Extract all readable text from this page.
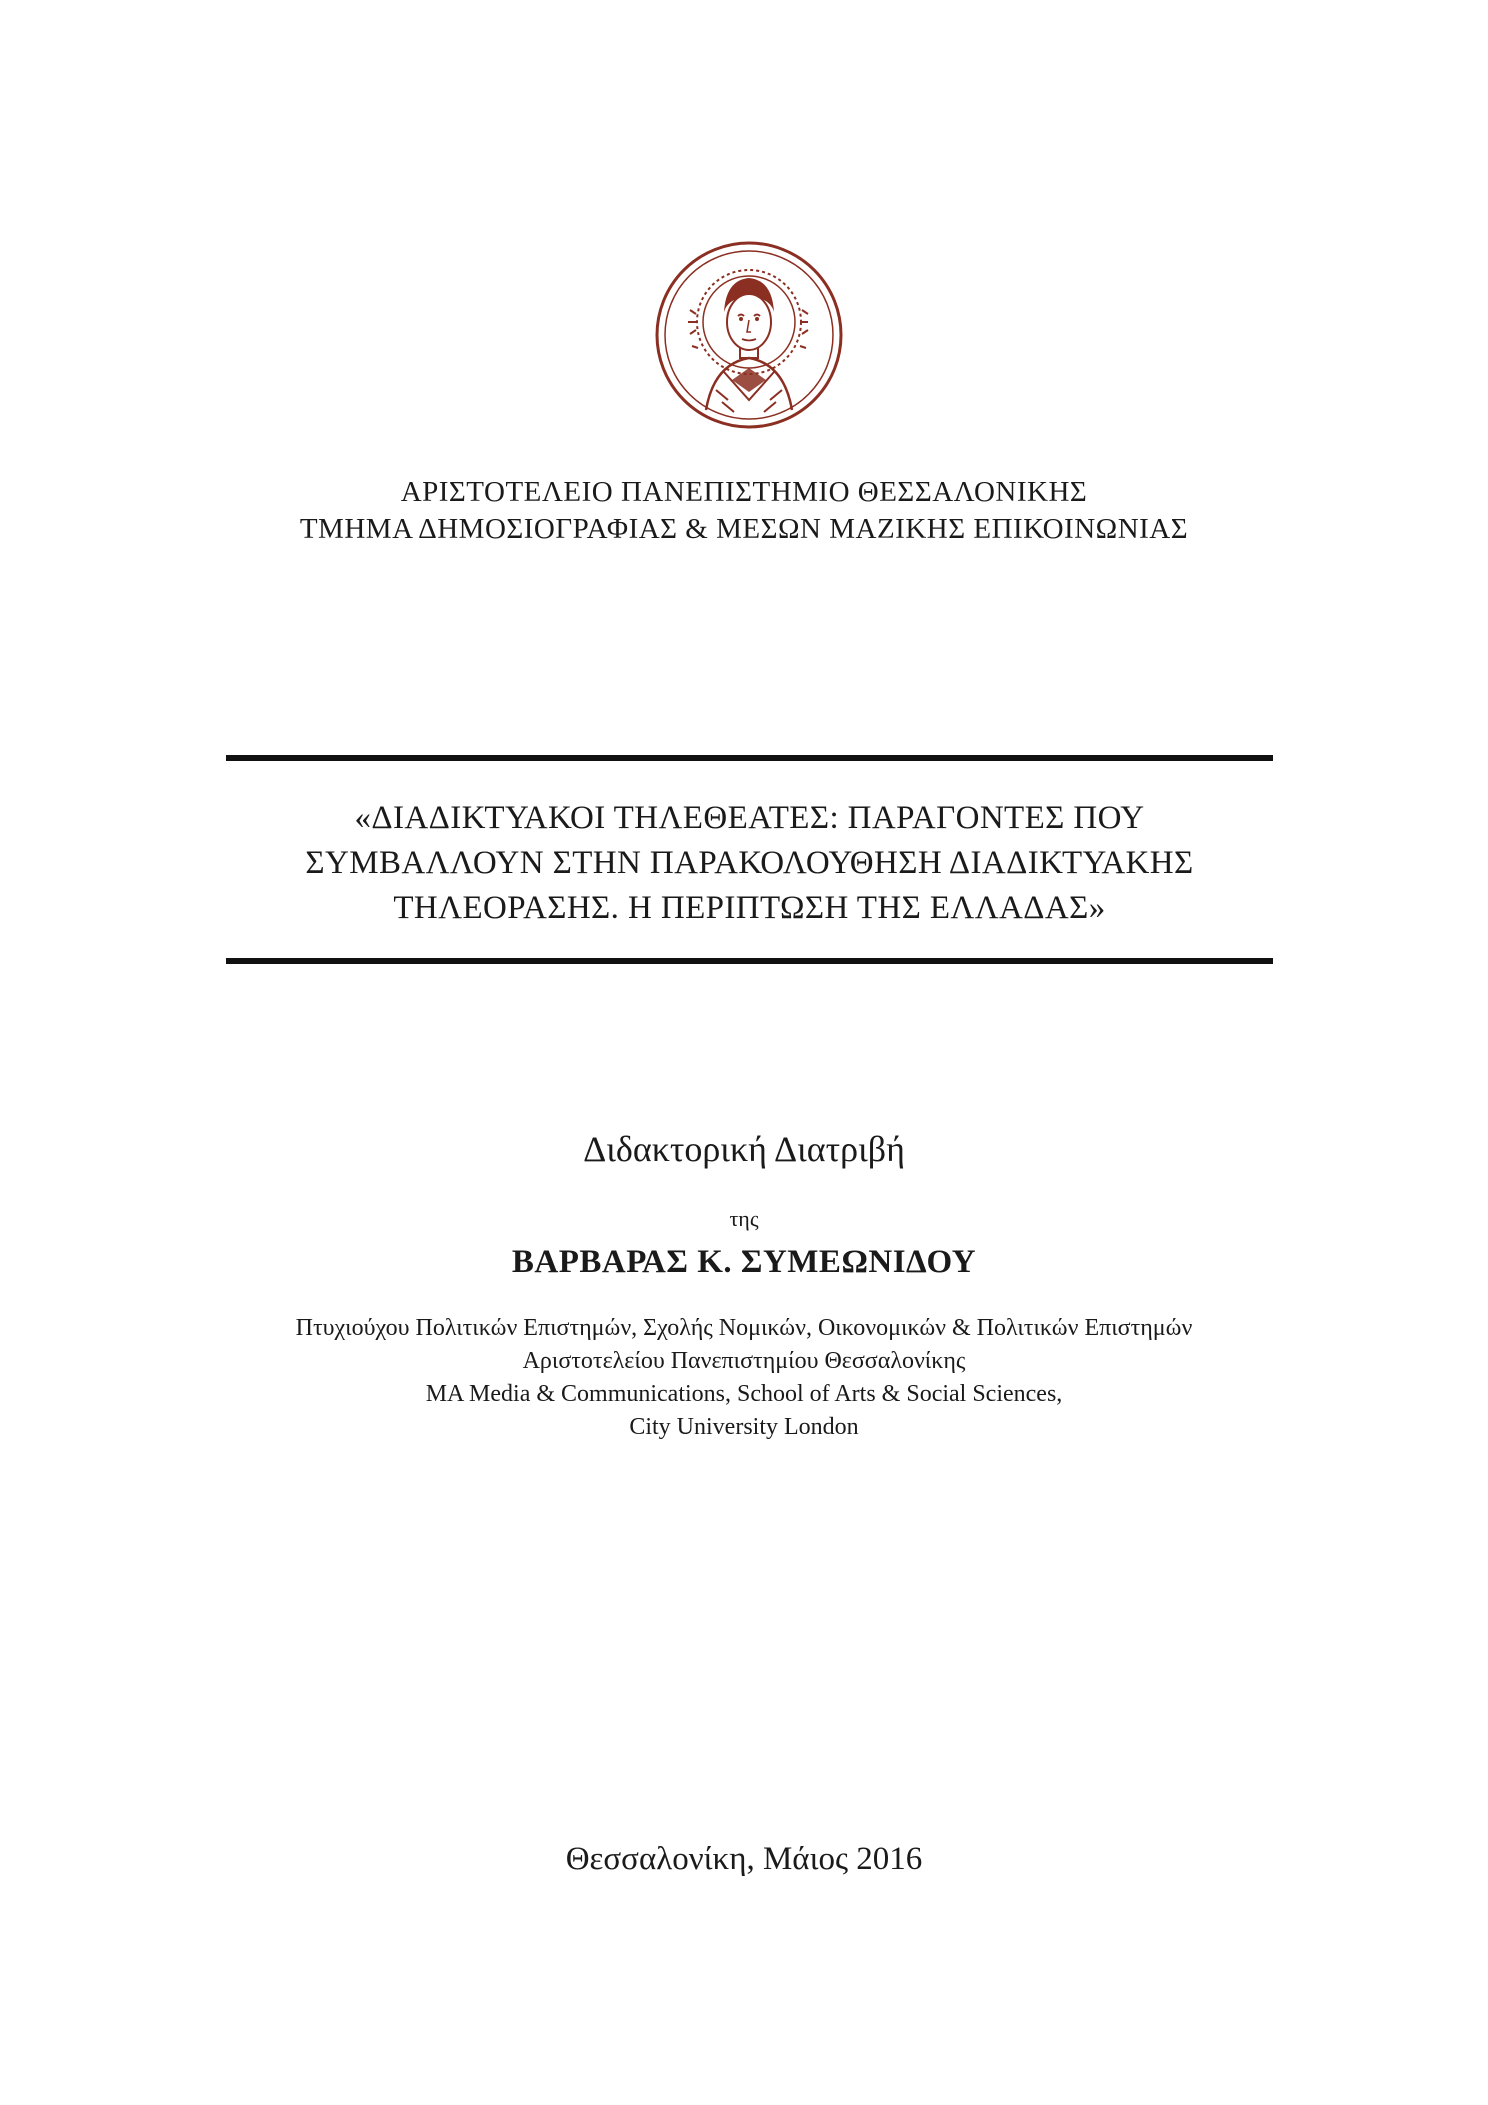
ΑΡΙΣΤΟΤΕΛΕΙΟ ΠΑΝΕΠΙΣΤΗΜΙΟ ΘΕΣΣΑΛΟΝΙΚΗΣ
ΤΜΗΜΑ ΔΗΜΟΣΙΟΓΡΑΦΙΑΣ & ΜΕΣΩΝ ΜΑΖΙΚΗΣ ΕΠΙΚΟΙΝΩΝΙΑΣ
«ΔΙΑΔΙΚΤΥΑΚΟΙ ΤΗΛΕΘΕΑΤΕΣ: ΠΑΡΑΓΟΝΤΕΣ ΠΟΥ
ΣΥΜΒΑΛΛΟΥΝ ΣΤΗΝ ΠΑΡΑΚΟΛΟΥΘΗΣΗ ΔΙΑΔΙΚΤΥΑΚΗΣ
ΤΗΛΕΟΡΑΣΗΣ. Η ΠΕΡΙΠΤΩΣΗ ΤΗΣ ΕΛΛΑΔΑΣ»
Διδακτορική Διατριβή
της
ΒΑΡΒΑΡΑΣ Κ. ΣΥΜΕΩΝΙΔΟΥ
Πτυχιούχου Πολιτικών Επιστημών, Σχολής Νομικών, Οικονομικών & Πολιτικών Επιστημών
Αριστοτελείου Πανεπιστημίου Θεσσαλονίκης
MA Media & Communications, School of Arts & Social Sciences,
City University London
Θεσσαλονίκη, Μάιος 2016
